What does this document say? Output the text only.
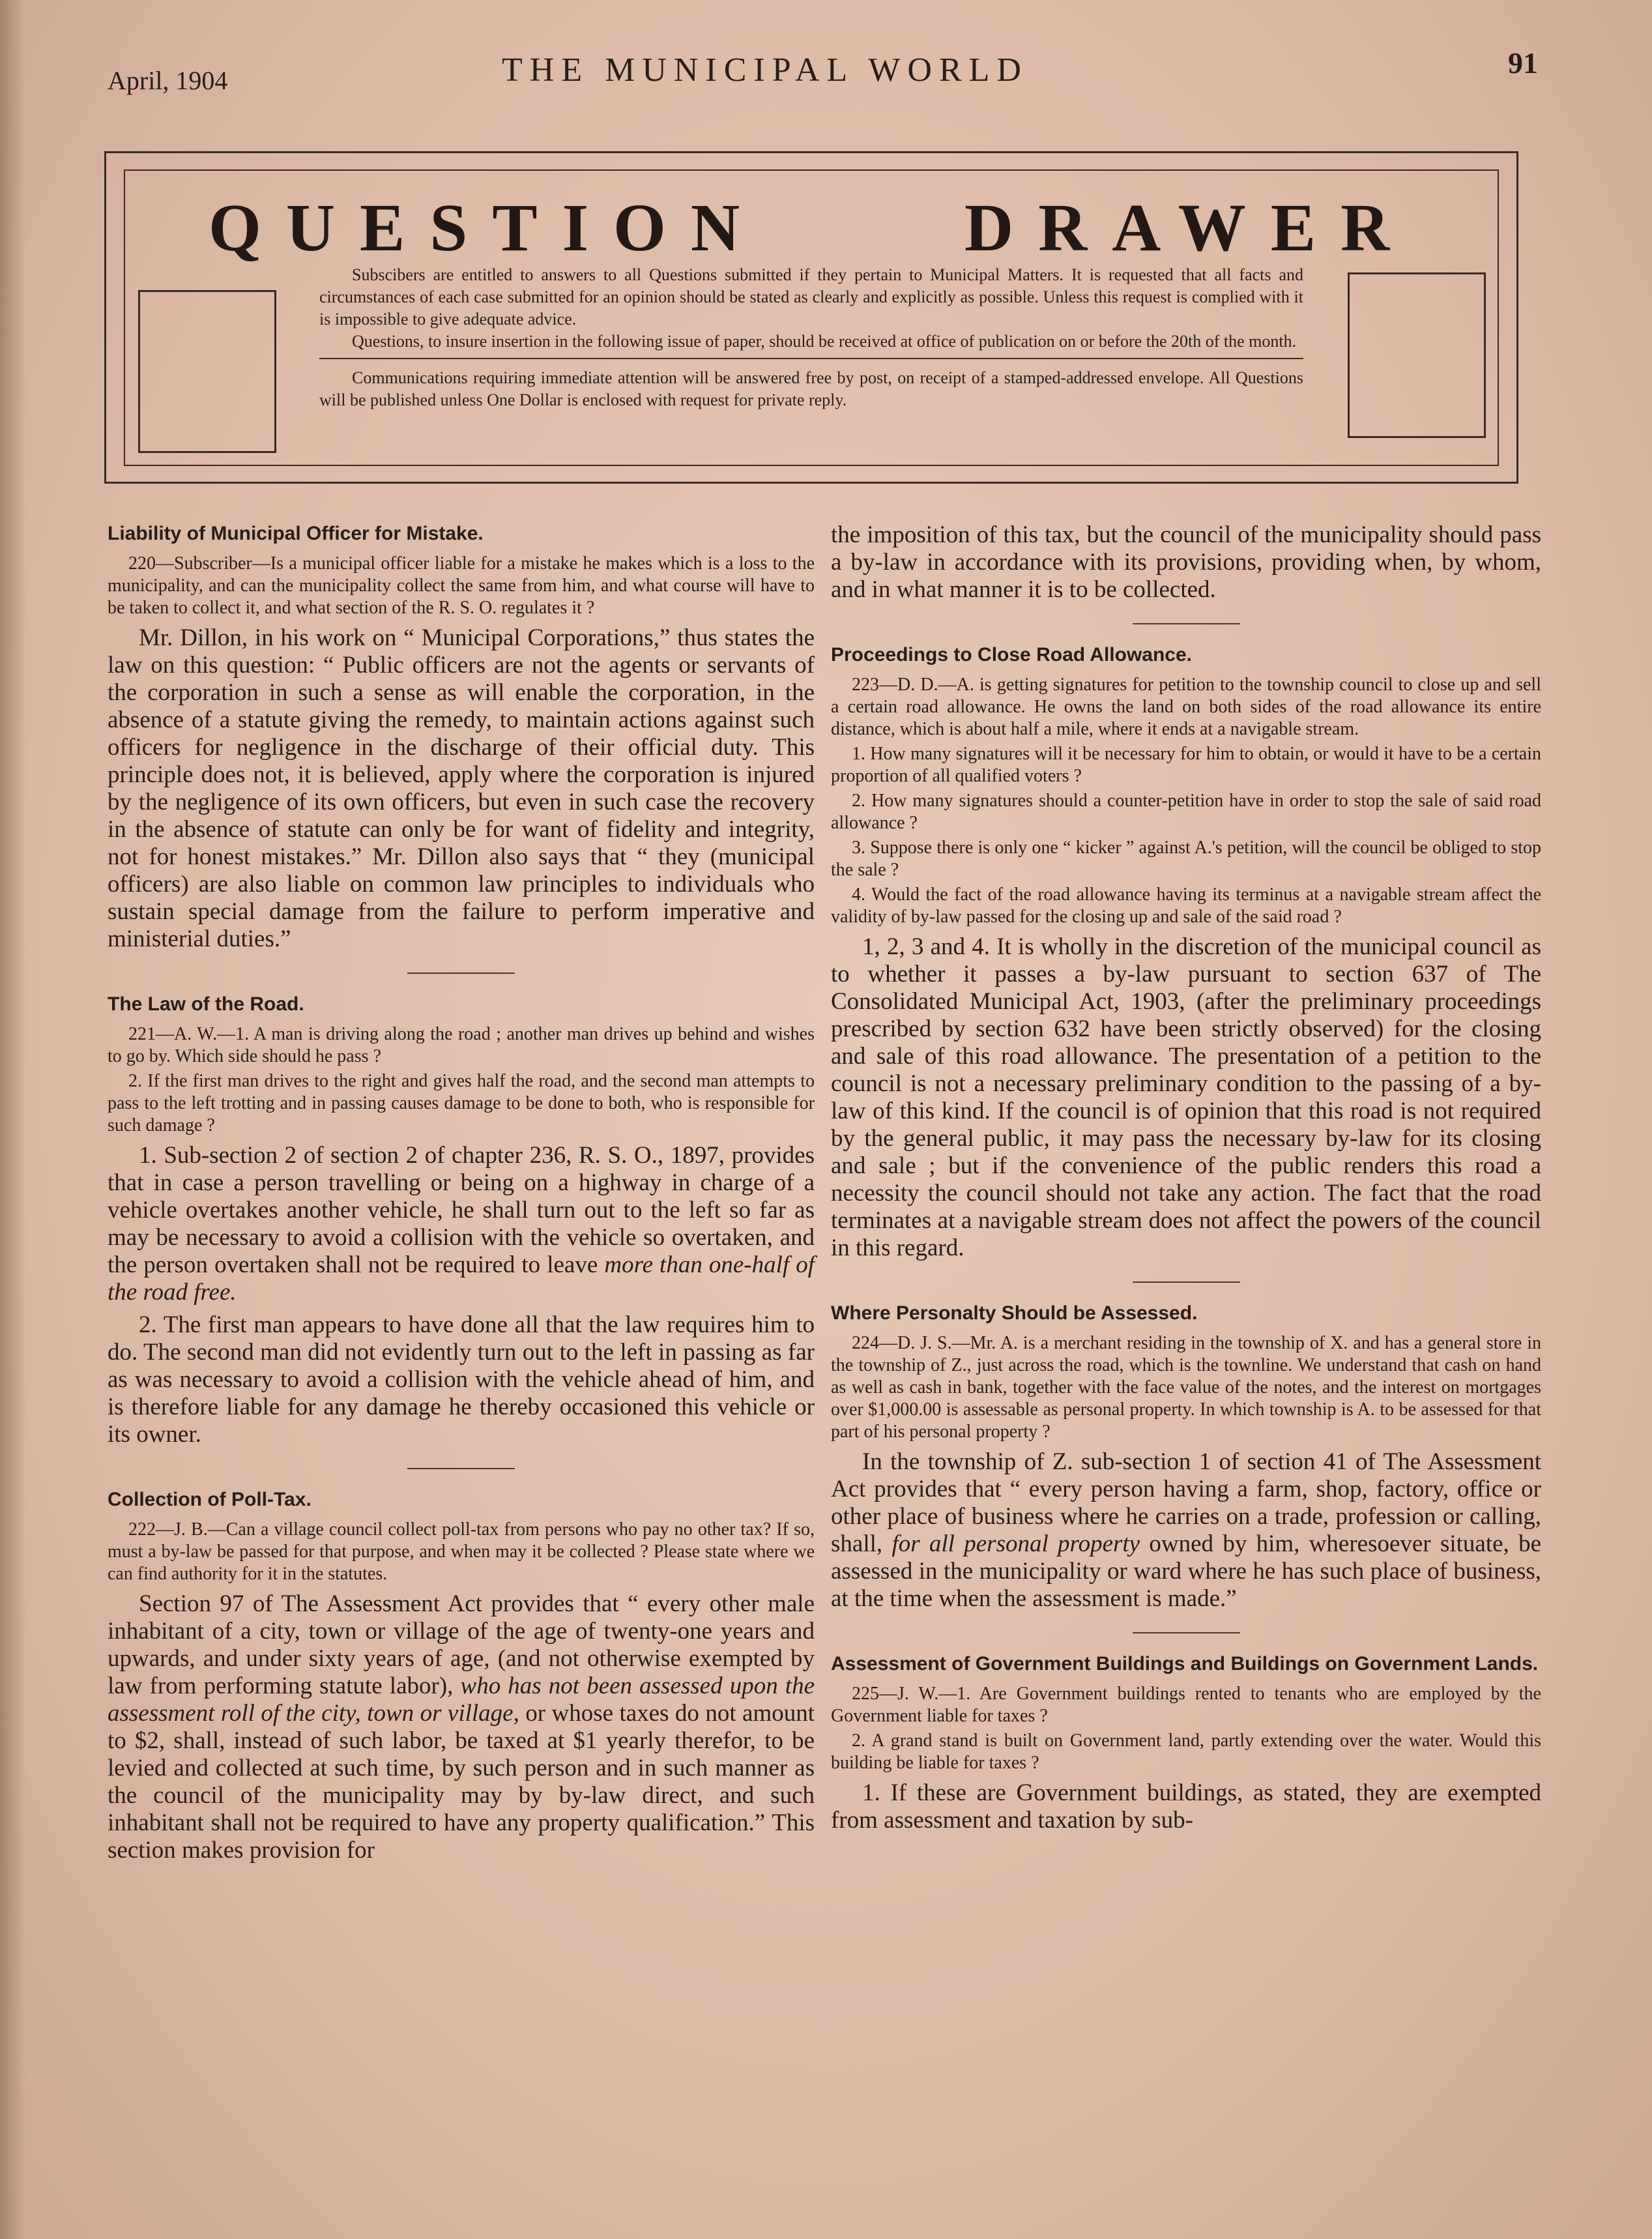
April, 1904	THE MUNICIPAL WORLD	91
QUESTION	DRAWER

Subscibers are entitled to answers to all Questions submitted if they pertain to Municipal Matters. It is requested that all facts and circumstances of each case submitted for an opinion should be stated as clearly and explicitly as possible. Unless this request is complied with it is impossible to give adequate advice.

Questions, to insure insertion in the following issue of paper, should be received at office of publication on or before the 20th of the month.

Communications requiring immediate attention will be answered free by post, on receipt of a stamped-addressed envelope. All Questions will be published unless One Dollar is enclosed with request for private reply.

Liability of Municipal Officer for Mistake.

220—Subscriber—Is a municipal officer liable for a mistake he makes which is a loss to the municipality, and can the municipality collect the same from him, and what course will have to be taken to collect it, and what section of the R. S. O. regulates it ?

Mr. Dillon, in his work on “ Municipal Corporations,” thus states the law on this question: “ Public officers are not the agents or servants of the corporation in such a sense as will enable the corporation, in the absence of a statute giving the remedy, to maintain actions against such officers for negligence in the discharge of their official duty. This principle does not, it is believed, apply where the corporation is injured by the negligence of its own officers, but even in such case the recovery in the absence of statute can only be for want of fidelity and integrity, not for honest mistakes.” Mr. Dillon also says that “ they (municipal officers) are also liable on common law principles to individuals who sustain special damage from the failure to perform imperative and ministerial duties.”

The Law of the Road.

221—A. W.—1. A man is driving along the road ; another man drives up behind and wishes to go by. Which side should he pass ?

2. If the first man drives to the right and gives half the road, and the second man attempts to pass to the left trotting and in passing causes damage to be done to both, who is responsible for such damage ?

1. Sub-section 2 of section 2 of chapter 236, R. S. O., 1897, provides that in case a person travelling or being on a highway in charge of a vehicle overtakes another vehicle, he shall turn out to the left so far as may be necessary to avoid a collision with the vehicle so overtaken, and the person overtaken shall not be required to leave more than one-half of the road free.

2. The first man appears to have done all that the law requires him to do. The second man did not evidently turn out to the left in passing as far as was necessary to avoid a collision with the vehicle ahead of him, and is therefore liable for any damage he thereby occasioned this vehicle or its owner.

Collection of Poll-Tax.

222—J. B.—Can a village council collect poll-tax from persons who pay no other tax? If so, must a by-law be passed for that purpose, and when may it be collected ? Please state where we can find authority for it in the statutes.

Section 97 of The Assessment Act provides that “ every other male inhabitant of a city, town or village of the age of twenty-one years and upwards, and under sixty years of age, (and not otherwise exempted by law from performing statute labor), who has not been assessed upon the assessment roll of the city, town or village, or whose taxes do not amount to $2, shall, instead of such labor, be taxed at $1 yearly therefor, to be levied and collected at such time, by such person and in such manner as the council of the municipality may by by-law direct, and such inhabitant shall not be required to have any property qualification.” This section makes provision for

the imposition of this tax, but the council of the municipality should pass a by-law in accordance with its provisions, providing when, by whom, and in what manner it is to be collected.

Proceedings to Close Road Allowance.

223—D. D.—A. is getting signatures for petition to the township council to close up and sell a certain road allowance. He owns the land on both sides of the road allowance its entire distance, which is about half a mile, where it ends at a navigable stream.

1. How many signatures will it be necessary for him to obtain, or would it have to be a certain proportion of all qualified voters ?

2. How many signatures should a counter-petition have in order to stop the sale of said road allowance ?

3. Suppose there is only one “ kicker ” against A.'s petition, will the council be obliged to stop the sale ?

4. Would the fact of the road allowance having its terminus at a navigable stream affect the validity of by-law passed for the closing up and sale of the said road ?

1, 2, 3 and 4. It is wholly in the discretion of the municipal council as to whether it passes a by-law pursuant to section 637 of The Consolidated Municipal Act, 1903, (after the preliminary proceedings prescribed by section 632 have been strictly observed) for the closing and sale of this road allowance. The presentation of a petition to the council is not a necessary preliminary condition to the passing of a by-law of this kind. If the council is of opinion that this road is not required by the general public, it may pass the necessary by-law for its closing and sale ; but if the convenience of the public renders this road a necessity the council should not take any action. The fact that the road terminates at a navigable stream does not affect the powers of the council in this regard.

Where Personalty Should be Assessed.

224—D. J. S.—Mr. A. is a merchant residing in the township of X. and has a general store in the township of Z., just across the road, which is the townline. We understand that cash on hand as well as cash in bank, together with the face value of the notes, and the interest on mortgages over $1,000.00 is assessable as personal property. In which township is A. to be assessed for that part of his personal property ?

In the township of Z. sub-section 1 of section 41 of The Assessment Act provides that “ every person having a farm, shop, factory, office or other place of business where he carries on a trade, profession or calling, shall, for all personal property owned by him, wheresoever situate, be assessed in the municipality or ward where he has such place of business, at the time when the assessment is made.”

Assessment of Government Buildings and Buildings on Government Lands.

225—J. W.—1. Are Government buildings rented to tenants who are employed by the Government liable for taxes ?

2. A grand stand is built on Government land, partly extending over the water. Would this building be liable for taxes ?

1. If these are Government buildings, as stated, they are exempted from assessment and taxation by sub-
